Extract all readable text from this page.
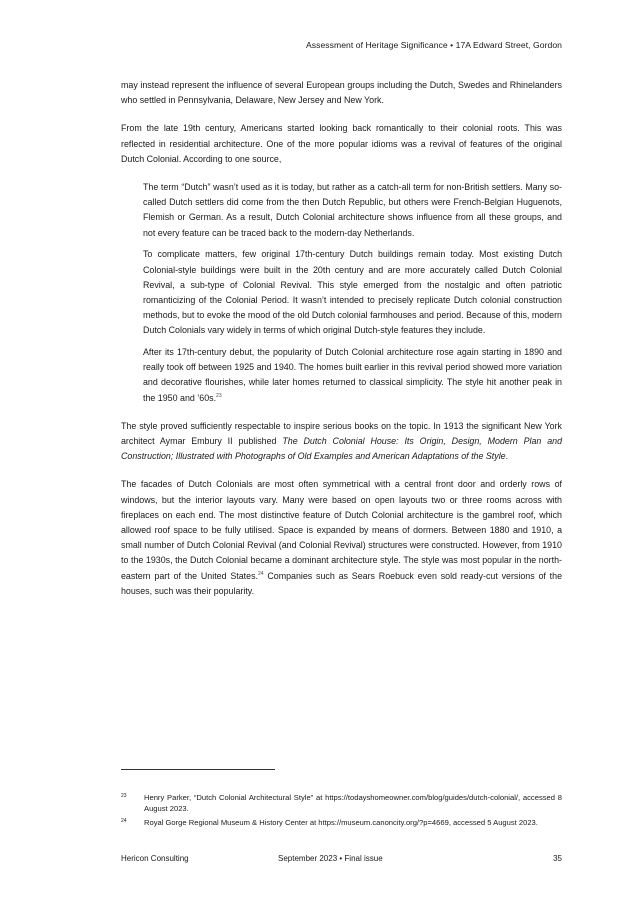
Assessment of Heritage Significance • 17A Edward Street, Gordon

may instead represent the influence of several European groups including the Dutch, Swedes and Rhinelanders who settled in Pennsylvania, Delaware, New Jersey and New York.

From the late 19th century, Americans started looking back romantically to their colonial roots. This was reflected in residential architecture. One of the more popular idioms was a revival of features of the original Dutch Colonial. According to one source,

The term “Dutch” wasn’t used as it is today, but rather as a catch-all term for non-British settlers. Many so-called Dutch settlers did come from the then Dutch Republic, but others were French-Belgian Huguenots, Flemish or German. As a result, Dutch Colonial architecture shows influence from all these groups, and not every feature can be traced back to the modern-day Netherlands.

To complicate matters, few original 17th-century Dutch buildings remain today. Most existing Dutch Colonial-style buildings were built in the 20th century and are more accurately called Dutch Colonial Revival, a sub-type of Colonial Revival. This style emerged from the nostalgic and often patriotic romanticizing of the Colonial Period. It wasn’t intended to precisely replicate Dutch colonial construction methods, but to evoke the mood of the old Dutch colonial farmhouses and period. Because of this, modern Dutch Colonials vary widely in terms of which original Dutch-style features they include.

After its 17th-century debut, the popularity of Dutch Colonial architecture rose again starting in 1890 and really took off between 1925 and 1940. The homes built earlier in this revival period showed more variation and decorative flourishes, while later homes returned to classical simplicity. The style hit another peak in the 1950 and ’60s.$^{23}$

The style proved sufficiently respectable to inspire serious books on the topic. In 1913 the significant New York architect Aymar Embury II published The Dutch Colonial House: Its Origin, Design, Modern Plan and Construction; Illustrated with Photographs of Old Examples and American Adaptations of the Style.

The facades of Dutch Colonials are most often symmetrical with a central front door and orderly rows of windows, but the interior layouts vary. Many were based on open layouts two or three rooms across with fireplaces on each end. The most distinctive feature of Dutch Colonial architecture is the gambrel roof, which allowed roof space to be fully utilised. Space is expanded by means of dormers. Between 1880 and 1910, a small number of Dutch Colonial Revival (and Colonial Revival) structures were constructed. However, from 1910 to the 1930s, the Dutch Colonial became a dominant architecture style. The style was most popular in the north-eastern part of the United States.$^{24}$ Companies such as Sears Roebuck even sold ready-cut versions of the houses, such was their popularity.

23	Henry Parker, “Dutch Colonial Architectural Style” at https://todayshomeowner.com/blog/guides/dutch-colonial/, accessed 8 August 2023.
24	Royal Gorge Regional Museum & History Center at https://museum.canoncity.org/?p=4669, accessed 5 August 2023.
Hericon Consulting	September 2023 • Final issue	35
